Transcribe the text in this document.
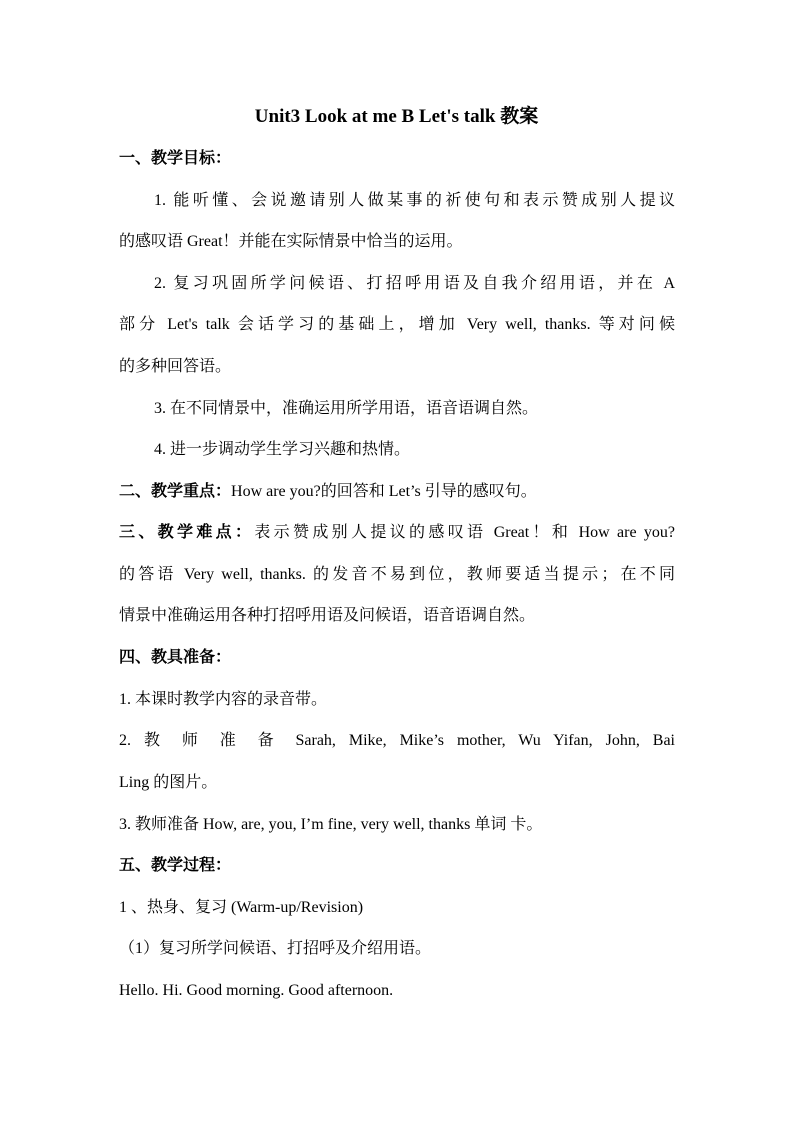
Unit3 Look at me B Let's talk 教案
一、教学目标：
1. 能听懂、会说邀请别人做某事的祈使句和表示赞成别人提议
的感叹语 Great！并能在实际情景中恰当的运用。
2. 复习巩固所学问候语、打招呼用语及自我介绍用语，并在 A
部分 Let's talk 会话学习的基础上，增加 Very well, thanks. 等对问候
的多种回答语。
3. 在不同情景中，准确运用所学用语，语音语调自然。
4. 进一步调动学生学习兴趣和热情。
二、教学重点：How are you?的回答和 Let’s 引导的感叹句。
三、教学难点：表示赞成别人提议的感叹语 Great！和 How are you?
的答语 Very well, thanks. 的发音不易到位，教师要适当提示；在不同
情景中准确运用各种打招呼用语及问候语，语音语调自然。
四、教具准备：
1. 本课时教学内容的录音带。
2. 教 师 准 备 Sarah, Mike, Mike’s mother, Wu Yifan, John, Bai
Ling 的图片。
3. 教师准备 How, are, you, I’m fine, very well, thanks 单词 卡。
五、教学过程：
1 、热身、复习 (Warm-up/Revision)
（1）复习所学问候语、打招呼及介绍用语。
Hello. Hi. Good morning. Good afternoon.
